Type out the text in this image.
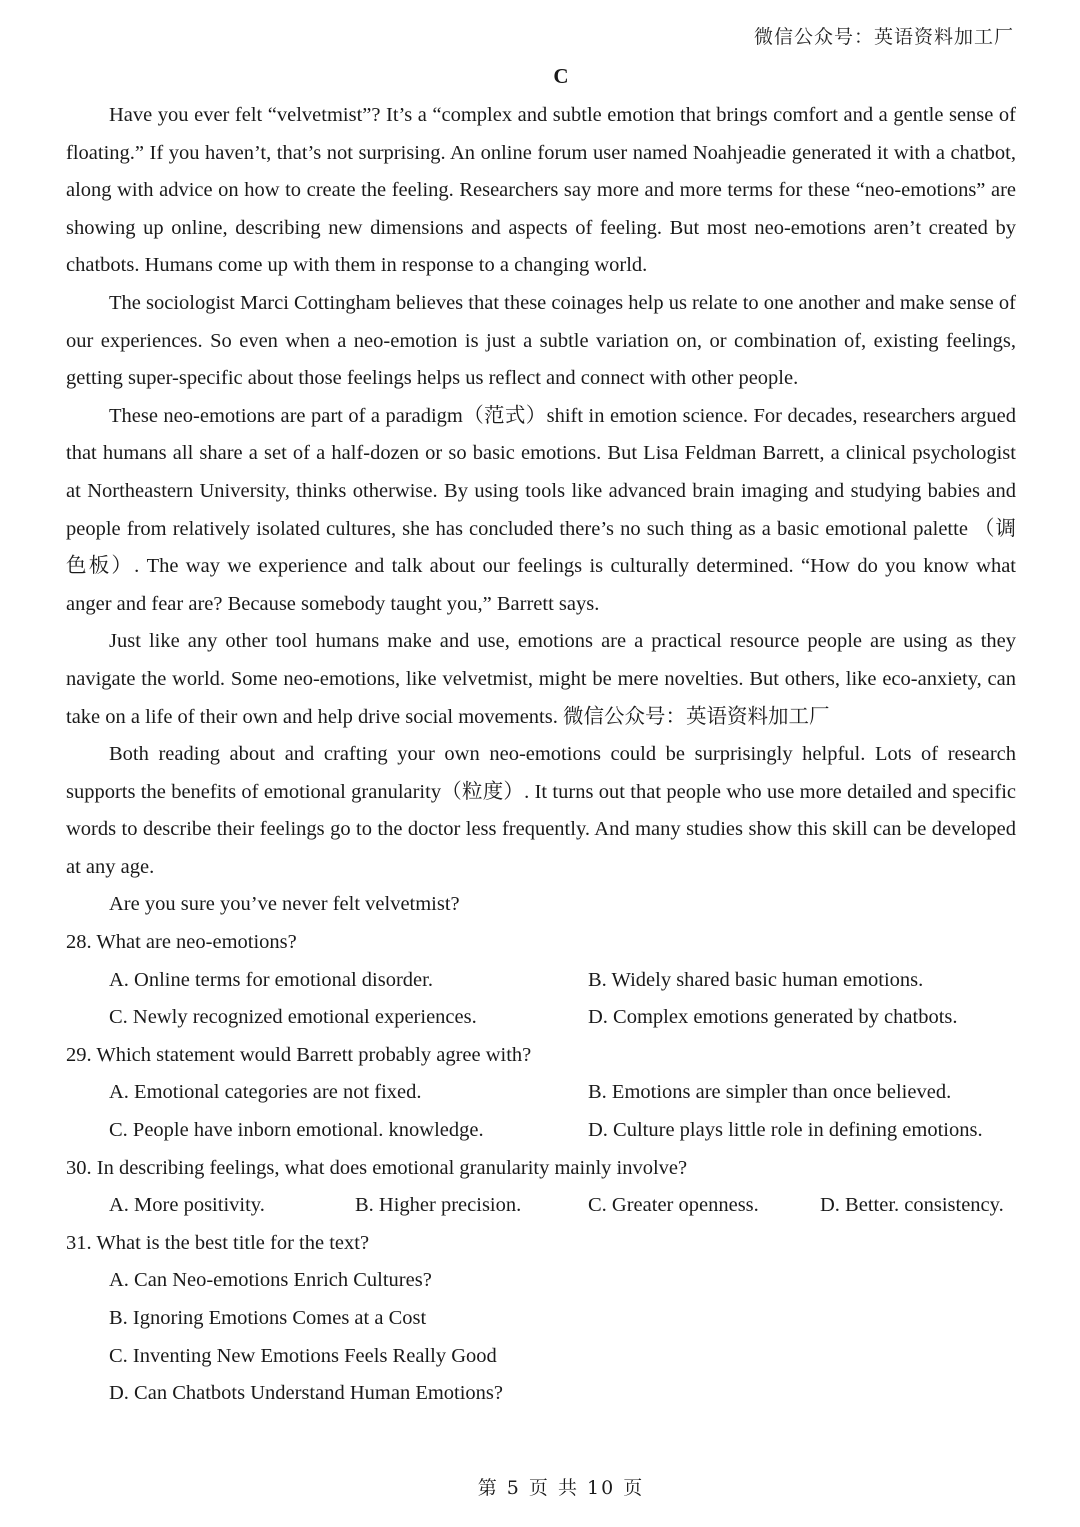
微信公众号：英语资料加工厂
C

Have you ever felt “velvetmist”? It’s a “complex and subtle emotion that brings comfort and a gentle sense of floating.” If you haven’t, that’s not surprising. An online forum user named Noahjeadie generated it with a chatbot, along with advice on how to create the feeling. Researchers say more and more terms for these “neo-emotions” are showing up online, describing new dimensions and aspects of feeling. But most neo-emotions aren’t created by chatbots. Humans come up with them in response to a changing world.

The sociologist Marci Cottingham believes that these coinages help us relate to one another and make sense of our experiences. So even when a neo-emotion is just a subtle variation on, or combination of, existing feelings, getting super-specific about those feelings helps us reflect and connect with other people.

These neo-emotions are part of a paradigm（范式）shift in emotion science. For decades, researchers argued that humans all share a set of a half-dozen or so basic emotions. But Lisa Feldman Barrett, a clinical psychologist at Northeastern University, thinks otherwise. By using tools like advanced brain imaging and studying babies and people from relatively isolated cultures, she has concluded there’s no such thing as a basic emotional palette （调色板）. The way we experience and talk about our feelings is culturally determined. “How do you know what anger and fear are? Because somebody taught you,” Barrett says.

Just like any other tool humans make and use, emotions are a practical resource people are using as they navigate the world. Some neo-emotions, like velvetmist, might be mere novelties. But others, like eco-anxiety, can take on a life of their own and help drive social movements. 微信公众号：英语资料加工厂

Both reading about and crafting your own neo-emotions could be surprisingly helpful. Lots of research supports the benefits of emotional granularity（粒度）. It turns out that people who use more detailed and specific words to describe their feelings go to the doctor less frequently. And many studies show this skill can be developed at any age.

Are you sure you’ve never felt velvetmist?

28. What are neo-emotions?

A. Online terms for emotional disorder.	B. Widely shared basic human emotions.
C. Newly recognized emotional experiences.	D. Complex emotions generated by chatbots.

29. Which statement would Barrett probably agree with?

A. Emotional categories are not fixed.	B. Emotions are simpler than once believed.
C. People have inborn emotional. knowledge.	D. Culture plays little role in defining emotions.

30. In describing feelings, what does emotional granularity mainly involve?

A. More positivity.	B. Higher precision.	C. Greater openness.	D. Better. consistency.

31. What is the best title for the text?

A. Can Neo-emotions Enrich Cultures?
B. Ignoring Emotions Comes at a Cost
C. Inventing New Emotions Feels Really Good
D. Can Chatbots Understand Human Emotions?
第 5 页 共 10 页
